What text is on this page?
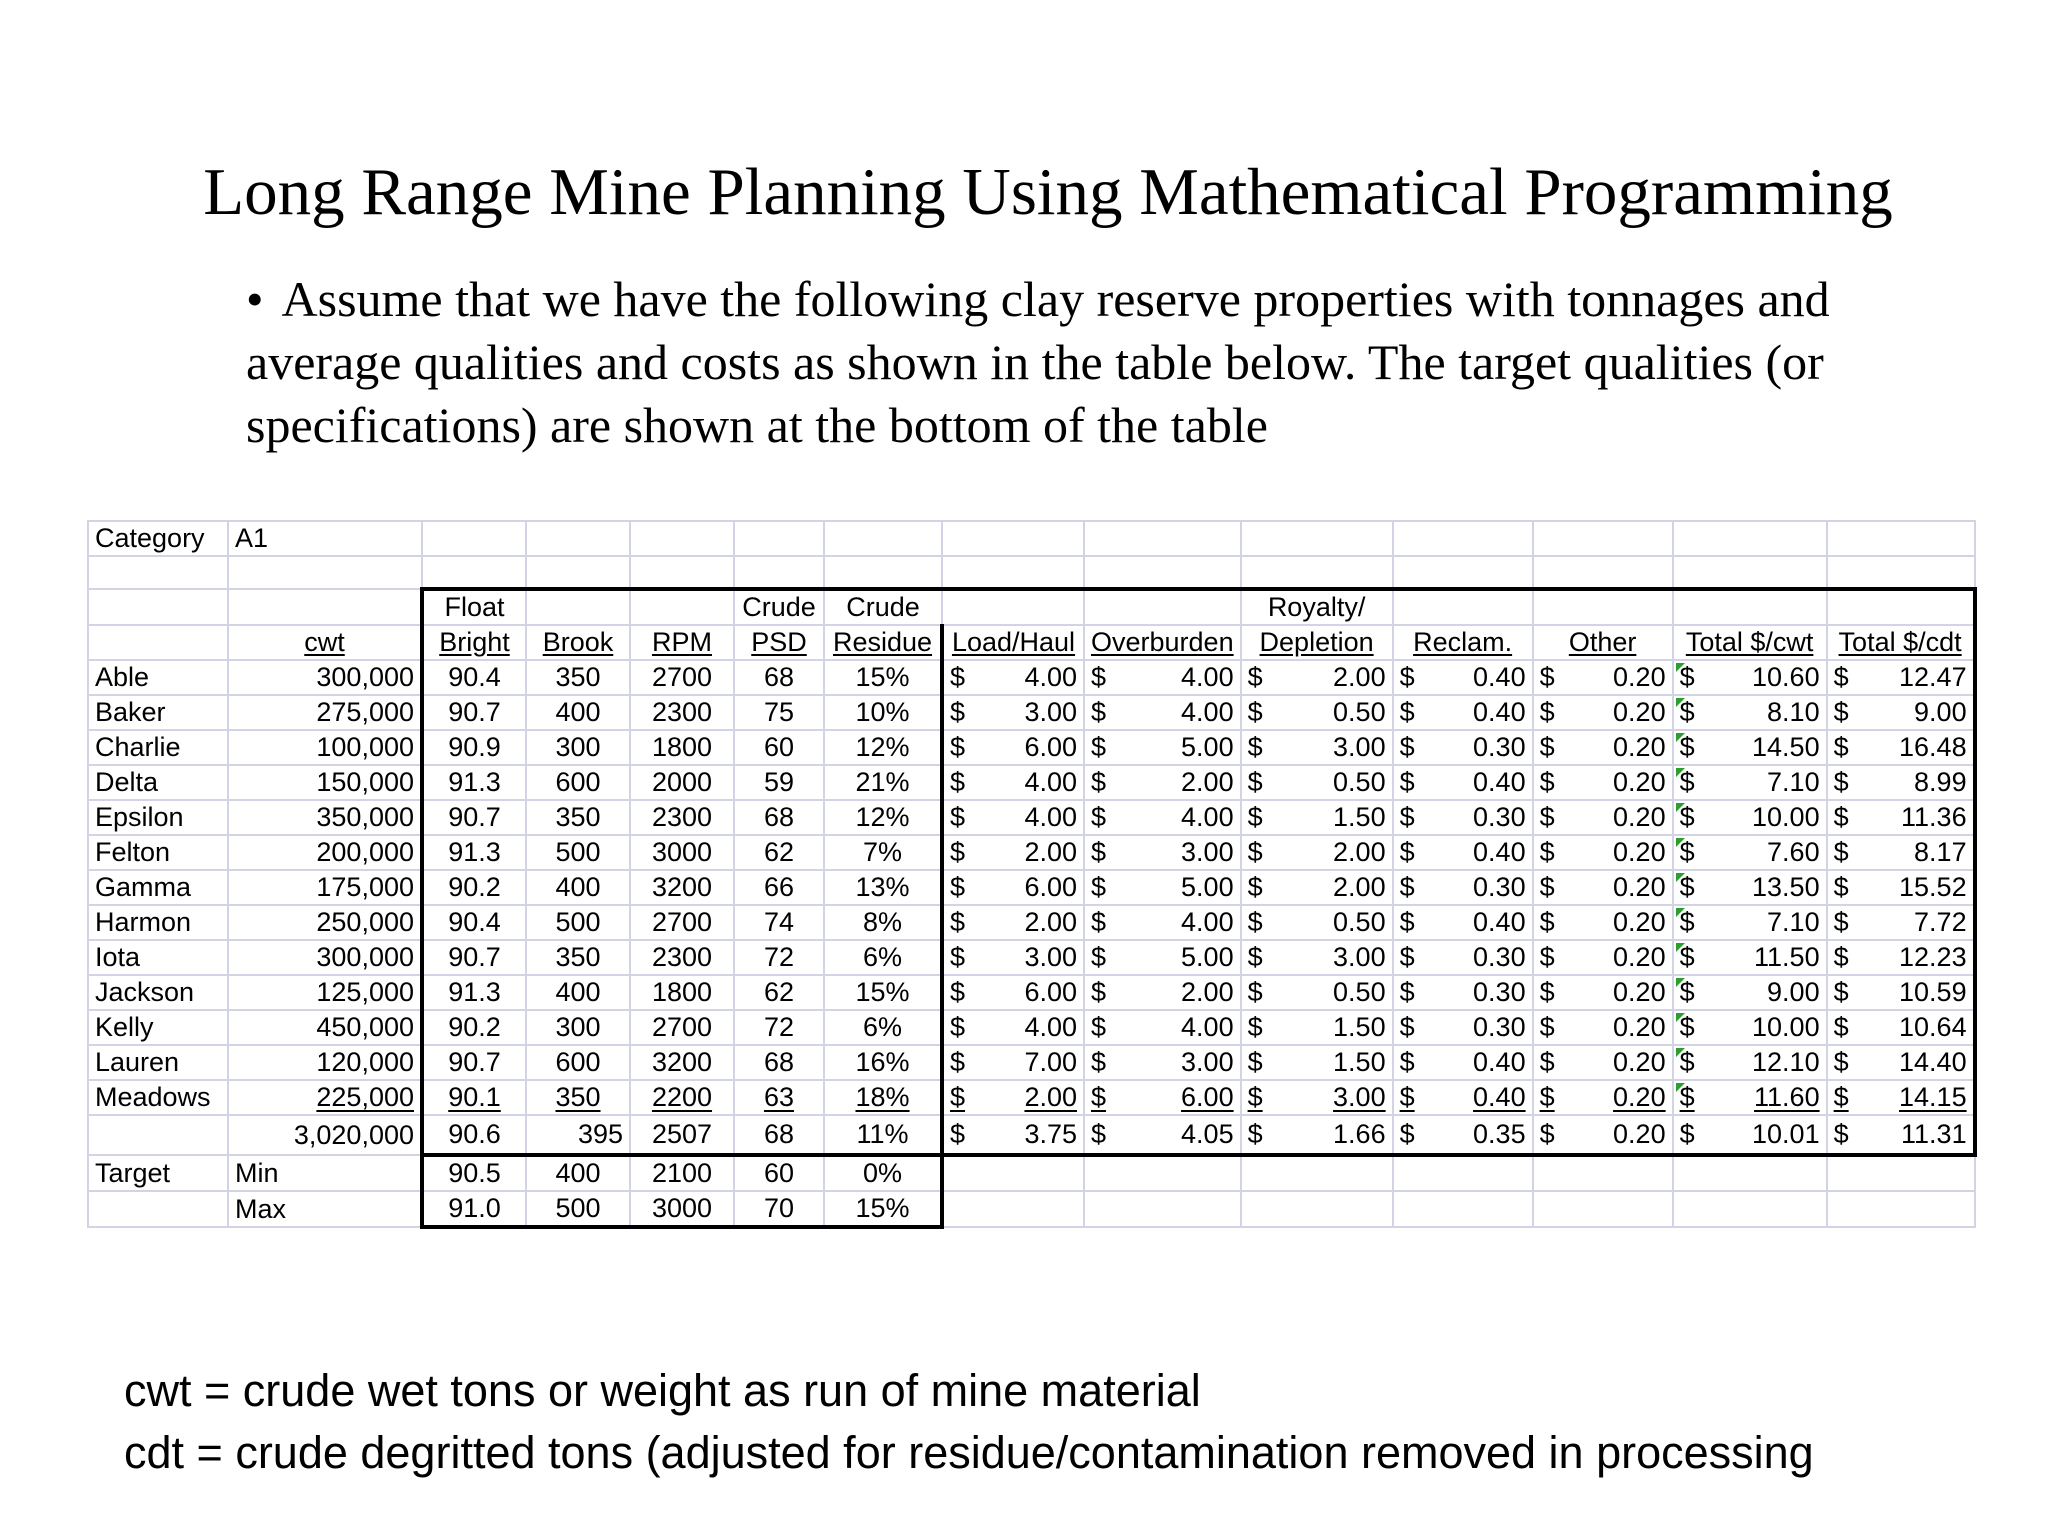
Long Range Mine Planning Using Mathematical Programming
• Assume that we have the following clay reserve properties with tonnages and average qualities and costs as shown in the table below. The target qualities (or specifications) are shown at the bottom of the table
Category	A1												

		Float			Crude	Crude			Royalty/				
	cwt	Bright	Brook	RPM	PSD	Residue	Load/Haul	Overburden	Depletion	Reclam.	Other	Total $/cwt	Total $/cdt
Able	300,000	90.4	350	2700	68	15%	$ 4.00	$ 4.00	$ 2.00	$ 0.40	$ 0.20	$ 10.60	$ 12.47

Baker	275,000	90.7	400	2300	75	10%	$ 3.00	$ 4.00	$ 0.50	$ 0.40	$ 0.20	$ 8.10	$ 9.00

Charlie	100,000	90.9	300	1800	60	12%	$ 6.00	$ 5.00	$ 3.00	$ 0.30	$ 0.20	$ 14.50	$ 16.48

Delta	150,000	91.3	600	2000	59	21%	$ 4.00	$ 2.00	$ 0.50	$ 0.40	$ 0.20	$ 7.10	$ 8.99

Epsilon	350,000	90.7	350	2300	68	12%	$ 4.00	$ 4.00	$ 1.50	$ 0.30	$ 0.20	$ 10.00	$ 11.36

Felton	200,000	91.3	500	3000	62	7%	$ 2.00	$ 3.00	$ 2.00	$ 0.40	$ 0.20	$ 7.60	$ 8.17

Gamma	175,000	90.2	400	3200	66	13%	$ 6.00	$ 5.00	$ 2.00	$ 0.30	$ 0.20	$ 13.50	$ 15.52

Harmon	250,000	90.4	500	2700	74	8%	$ 2.00	$ 4.00	$ 0.50	$ 0.40	$ 0.20	$ 7.10	$ 7.72

Iota	300,000	90.7	350	2300	72	6%	$ 3.00	$ 5.00	$ 3.00	$ 0.30	$ 0.20	$ 11.50	$ 12.23

Jackson	125,000	91.3	400	1800	62	15%	$ 6.00	$ 2.00	$ 0.50	$ 0.30	$ 0.20	$ 9.00	$ 10.59

Kelly	450,000	90.2	300	2700	72	6%	$ 4.00	$ 4.00	$ 1.50	$ 0.30	$ 0.20	$ 10.00	$ 10.64

Lauren	120,000	90.7	600	3200	68	16%	$ 7.00	$ 3.00	$ 1.50	$ 0.40	$ 0.20	$ 12.10	$ 14.40

Meadows	225,000	90.1	350	2200	63	18%	$ 2.00	$ 6.00	$ 3.00	$ 0.40	$ 0.20	$ 11.60	$ 14.15

	3,020,000	90.6	395	2507	68	11%	$ 3.75	$ 4.05	$ 1.66	$ 0.35	$ 0.20	$ 10.01	$ 11.31

Target	Min	90.5	400	2100	60	0%							
	Max	91.0	500	3000	70	15%							
cwt = crude wet tons or weight as run of mine material
cdt = crude degritted tons (adjusted for residue/contamination removed in processing
